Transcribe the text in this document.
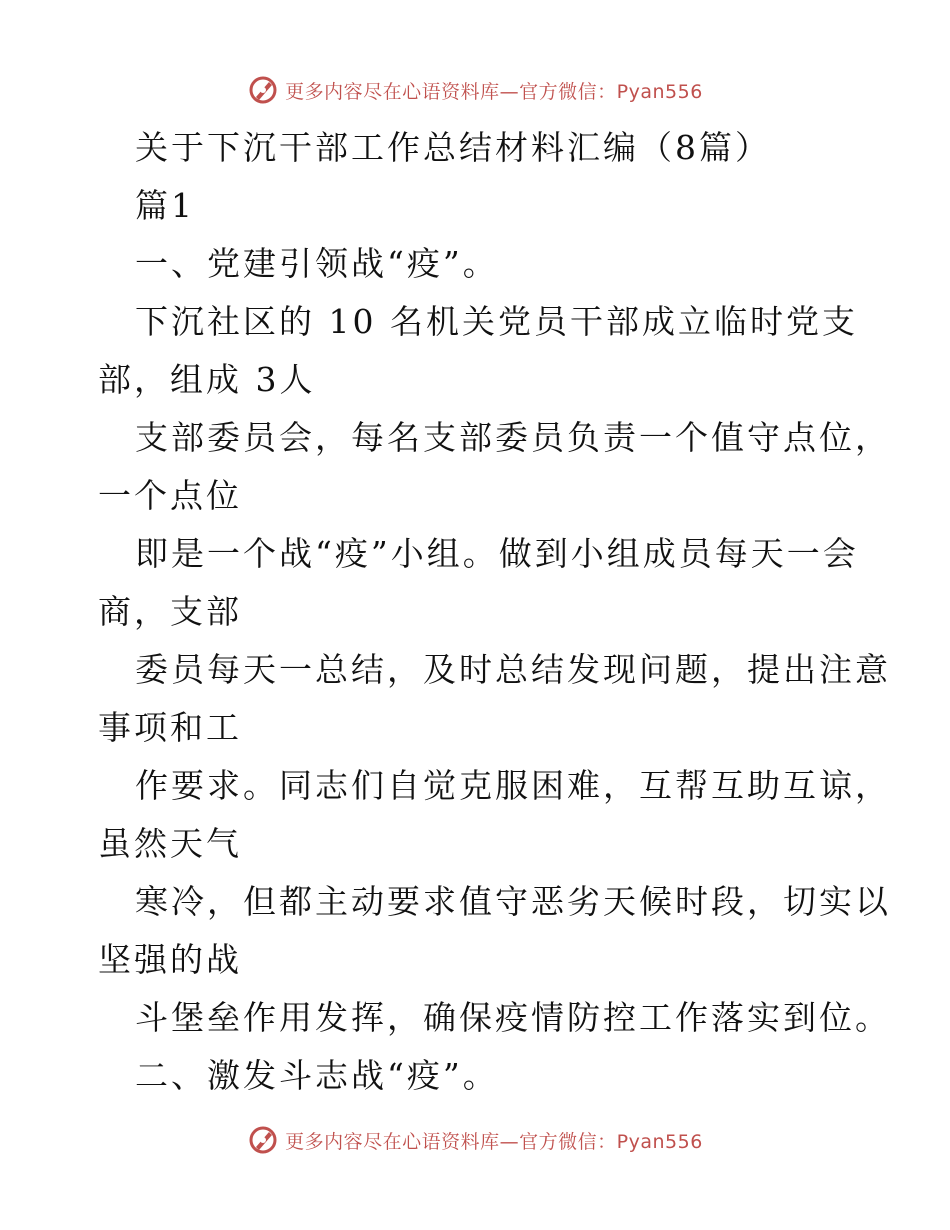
更多内容尽在心语资料库—官方微信：Pyan556
关于下沉干部工作总结材料汇编（8篇）
篇1
一、党建引领战“疫”。
下沉社区的 10 名机关党员干部成立临时党支
部，组成 3人
支部委员会，每名支部委员负责一个值守点位，
一个点位
即是一个战“疫”小组。做到小组成员每天一会
商，支部
委员每天一总结，及时总结发现问题，提出注意
事项和工
作要求。同志们自觉克服困难，互帮互助互谅，
虽然天气
寒冷，但都主动要求值守恶劣天候时段，切实以
坚强的战
斗堡垒作用发挥，确保疫情防控工作落实到位。
二、激发斗志战“疫”。
更多内容尽在心语资料库—官方微信：Pyan556
